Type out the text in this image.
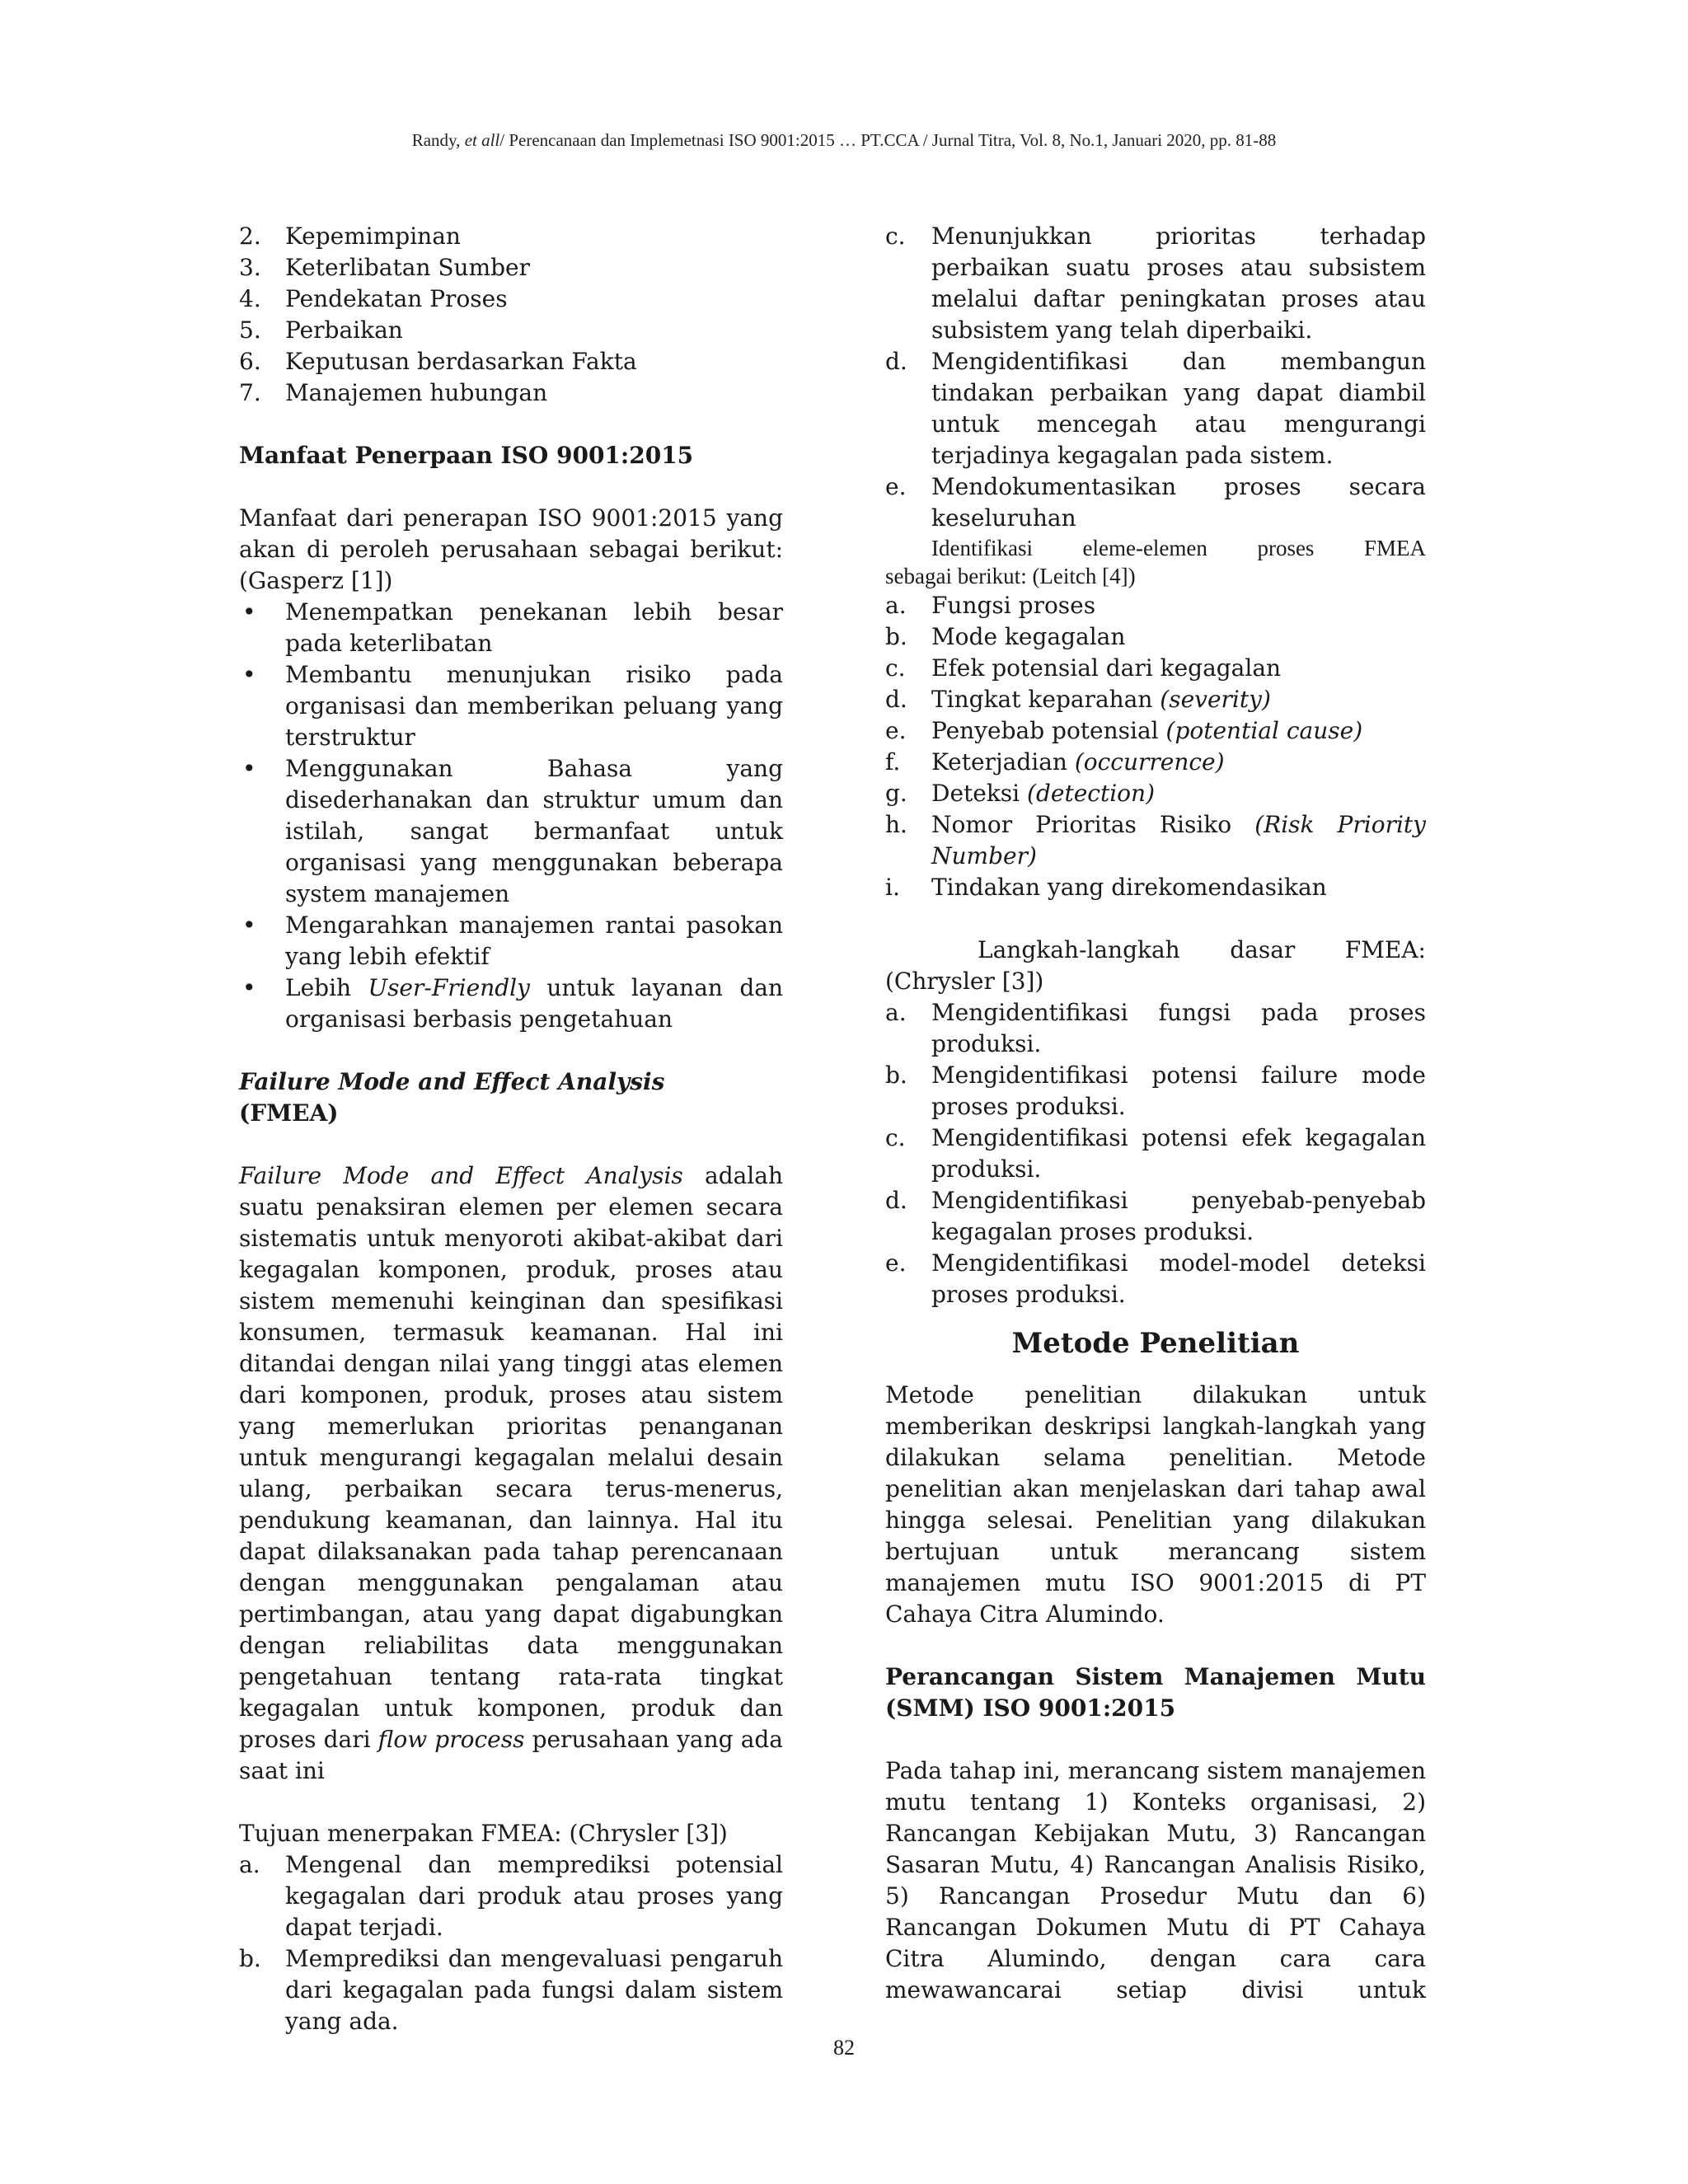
Randy, et all/ Perencanaan dan Implemetnasi ISO 9001:2015 … PT.CCA / Jurnal Titra, Vol. 8, No.1, Januari 2020, pp. 81-88
2. Kepemimpinan
3. Keterlibatan Sumber
4. Pendekatan Proses
5. Perbaikan
6. Keputusan berdasarkan Fakta
7. Manajemen hubungan

Manfaat Penerpaan ISO 9001:2015

Manfaat dari penerapan ISO 9001:2015 yang akan di peroleh perusahaan sebagai berikut: (Gasperz [1])

• Menempatkan penekanan lebih besar pada keterlibatan
• Membantu menunjukan risiko pada organisasi dan memberikan peluang yang terstruktur
• Menggunakan Bahasa yang disederhanakan dan struktur umum dan istilah, sangat bermanfaat untuk organisasi yang menggunakan beberapa system manajemen
• Mengarahkan manajemen rantai pasokan yang lebih efektif
• Lebih User-Friendly untuk layanan dan organisasi berbasis pengetahuan

Failure Mode and Effect Analysis
(FMEA)

Failure Mode and Effect Analysis adalah suatu penaksiran elemen per elemen secara sistematis untuk menyoroti akibat-akibat dari kegagalan komponen, produk, proses atau sistem memenuhi keinginan dan spesifikasi konsumen, termasuk keamanan. Hal ini ditandai dengan nilai yang tinggi atas elemen dari komponen, produk, proses atau sistem yang memerlukan prioritas penanganan untuk mengurangi kegagalan melalui desain ulang, perbaikan secara terus-menerus, pendukung keamanan, dan lainnya. Hal itu dapat dilaksanakan pada tahap perencanaan dengan menggunakan pengalaman atau pertimbangan, atau yang dapat digabungkan dengan reliabilitas data menggunakan pengetahuan tentang rata-rata tingkat kegagalan untuk komponen, produk dan proses dari flow process perusahaan yang ada saat ini

Tujuan menerpakan FMEA: (Chrysler [3])

a. Mengenal dan memprediksi potensial kegagalan dari produk atau proses yang dapat terjadi.
b. Memprediksi dan mengevaluasi pengaruh dari kegagalan pada fungsi dalam sistem yang ada.
c. Menunjukkan prioritas terhadap perbaikan suatu proses atau subsistem melalui daftar peningkatan proses atau subsistem yang telah diperbaiki.
d. Mengidentifikasi dan membangun tindakan perbaikan yang dapat diambil untuk mencegah atau mengurangi terjadinya kegagalan pada sistem.
e. Mendokumentasikan proses secara keseluruhan
Identifikasi eleme-elemen proses FMEA
sebagai berikut: (Leitch [4])
a. Fungsi proses
b. Mode kegagalan
c. Efek potensial dari kegagalan
d. Tingkat keparahan (severity)
e. Penyebab potensial (potential cause)
f. Keterjadian (occurrence)
g. Deteksi (detection)
h. Nomor Prioritas Risiko (Risk Priority Number)
i. Tindakan yang direkomendasikan

Langkah-langkah dasar FMEA:

(Chrysler [3])

a. Mengidentifikasi fungsi pada proses produksi.
b. Mengidentifikasi potensi failure mode proses produksi.
c. Mengidentifikasi potensi efek kegagalan produksi.
d. Mengidentifikasi penyebab-penyebab kegagalan proses produksi.
e. Mengidentifikasi model-model deteksi proses produksi.

Metode Penelitian

Metode penelitian dilakukan untuk memberikan deskripsi langkah-langkah yang dilakukan selama penelitian. Metode penelitian akan menjelaskan dari tahap awal hingga selesai. Penelitian yang dilakukan bertujuan untuk merancang sistem manajemen mutu ISO 9001:2015 di PT Cahaya Citra Alumindo.

Perancangan Sistem Manajemen Mutu (SMM) ISO 9001:2015

Pada tahap ini, merancang sistem manajemen mutu tentang 1) Konteks organisasi, 2) Rancangan Kebijakan Mutu, 3) Rancangan Sasaran Mutu, 4) Rancangan Analisis Risiko, 5) Rancangan Prosedur Mutu dan 6) Rancangan Dokumen Mutu di PT Cahaya Citra Alumindo, dengan cara cara mewawancarai setiap divisi untuk

82
